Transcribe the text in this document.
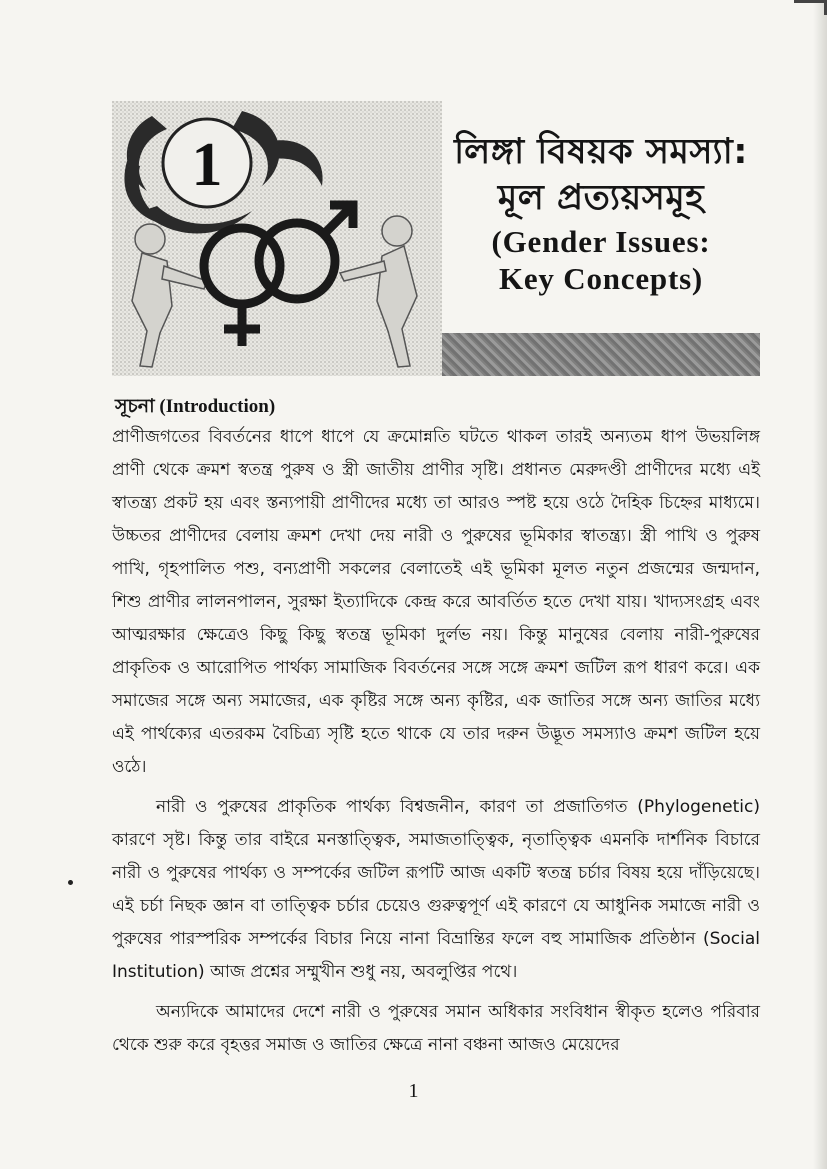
1	লিঙ্গা বিষয়ক সমস্যা:
মূল প্রত্যয়সমূহ
(Gender Issues:
Key Concepts)

সূচনা (Introduction)

প্রাণীজগতের বিবর্তনের ধাপে ধাপে যে ক্রমোন্নতি ঘটতে থাকল তারই অন্যতম ধাপ উভয়লিঙ্গ প্রাণী থেকে ক্রমশ স্বতন্ত্র পুরুষ ও স্ত্রী জাতীয় প্রাণীর সৃষ্টি। প্রধানত মেরুদণ্ডী প্রাণীদের মধ্যে এই স্বাতন্ত্র্য প্রকট হয় এবং স্তন্যপায়ী প্রাণীদের মধ্যে তা আরও স্পষ্ট হয়ে ওঠে দৈহিক চিহ্নের মাধ্যমে। উচ্চতর প্রাণীদের বেলায় ক্রমশ দেখা দেয় নারী ও পুরুষের ভূমিকার স্বাতন্ত্র্য। স্ত্রী পাখি ও পুরুষ পাখি, গৃহপালিত পশু, বন্যপ্রাণী সকলের বেলাতেই এই ভূমিকা মূলত নতুন প্রজন্মের জন্মদান, শিশু প্রাণীর লালনপালন, সুরক্ষা ইত্যাদিকে কেন্দ্র করে আবর্তিত হতে দেখা যায়। খাদ্যসংগ্রহ এবং আত্মরক্ষার ক্ষেত্রেও কিছু কিছু স্বতন্ত্র ভূমিকা দুর্লভ নয়। কিন্তু মানুষের বেলায় নারী-পুরুষের প্রাকৃতিক ও আরোপিত পার্থক্য সামাজিক বিবর্তনের সঙ্গে সঙ্গে ক্রমশ জটিল রূপ ধারণ করে। এক সমাজের সঙ্গে অন্য সমাজের, এক কৃষ্টির সঙ্গে অন্য কৃষ্টির, এক জাতির সঙ্গে অন্য জাতির মধ্যে এই পার্থক্যের এতরকম বৈচিত্র্য সৃষ্টি হতে থাকে যে তার দরুন উদ্ভূত সমস্যাও ক্রমশ জটিল হয়ে ওঠে।

নারী ও পুরুষের প্রাকৃতিক পার্থক্য বিশ্বজনীন, কারণ তা প্রজাতিগত (Phylogenetic) কারণে সৃষ্ট। কিন্তু তার বাইরে মনস্তাত্ত্বিক, সমাজতাত্ত্বিক, নৃতাত্ত্বিক এমনকি দার্শনিক বিচারে নারী ও পুরুষের পার্থক্য ও সম্পর্কের জটিল রূপটি আজ একটি স্বতন্ত্র চর্চার বিষয় হয়ে দাঁড়িয়েছে। এই চর্চা নিছক জ্ঞান বা তাত্ত্বিক চর্চার চেয়েও গুরুত্বপূর্ণ এই কারণে যে আধুনিক সমাজে নারী ও পুরুষের পারস্পরিক সম্পর্কের বিচার নিয়ে নানা বিভ্রান্তির ফলে বহু সামাজিক প্রতিষ্ঠান (Social Institution) আজ প্রশ্নের সম্মুখীন শুধু নয়, অবলুপ্তির পথে।

অন্যদিকে আমাদের দেশে নারী ও পুরুষের সমান অধিকার সংবিধান স্বীকৃত হলেও পরিবার থেকে শুরু করে বৃহত্তর সমাজ ও জাতির ক্ষেত্রে নানা বঞ্চনা আজও মেয়েদের

1
